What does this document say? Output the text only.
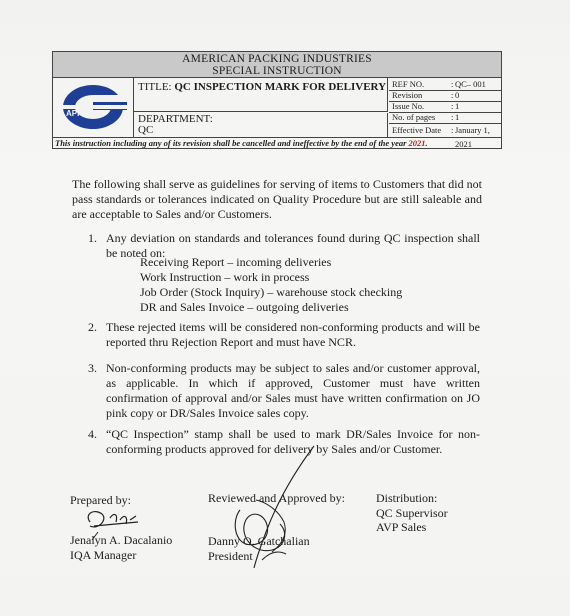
AMERICAN PACKING INDUSTRIES
SPECIAL INSTRUCTION
API
TITLE: QC INSPECTION MARK FOR DELIVERY
DEPARTMENT:
QC
REF NO.	: QC– 001
Revision	: 0
Issue No.	: 1
No. of pages : 1
Effective Date : January 1, 2021
This instruction including any of its revision shall be cancelled and ineffective by the end of the year 2021.
The following shall serve as guidelines for serving of items to Customers that did not pass standards or tolerances indicated on Quality Procedure but are still saleable and are acceptable to Sales and/or Customers.
1. Any deviation on standards and tolerances found during QC inspection shall be noted on:
Receiving Report – incoming deliveries
Work Instruction – work in process
Job Order (Stock Inquiry) – warehouse stock checking
DR and Sales Invoice – outgoing deliveries
2. These rejected items will be considered non-conforming products and will be reported thru Rejection Report and must have NCR.
3. Non-conforming products may be subject to sales and/or customer approval, as applicable. In which if approved, Customer must have written confirmation of approval and/or Sales must have written confirmation on JO pink copy or DR/Sales Invoice sales copy.
4. “QC Inspection” stamp shall be used to mark DR/Sales Invoice for non-conforming products approved for delivery by Sales and/or Customer.
Prepared by:
Jenalyn A. Dacalanio
IQA Manager
Reviewed and Approved by:
Danny O. Gatchalian
President
Distribution:
QC Supervisor
AVP Sales
